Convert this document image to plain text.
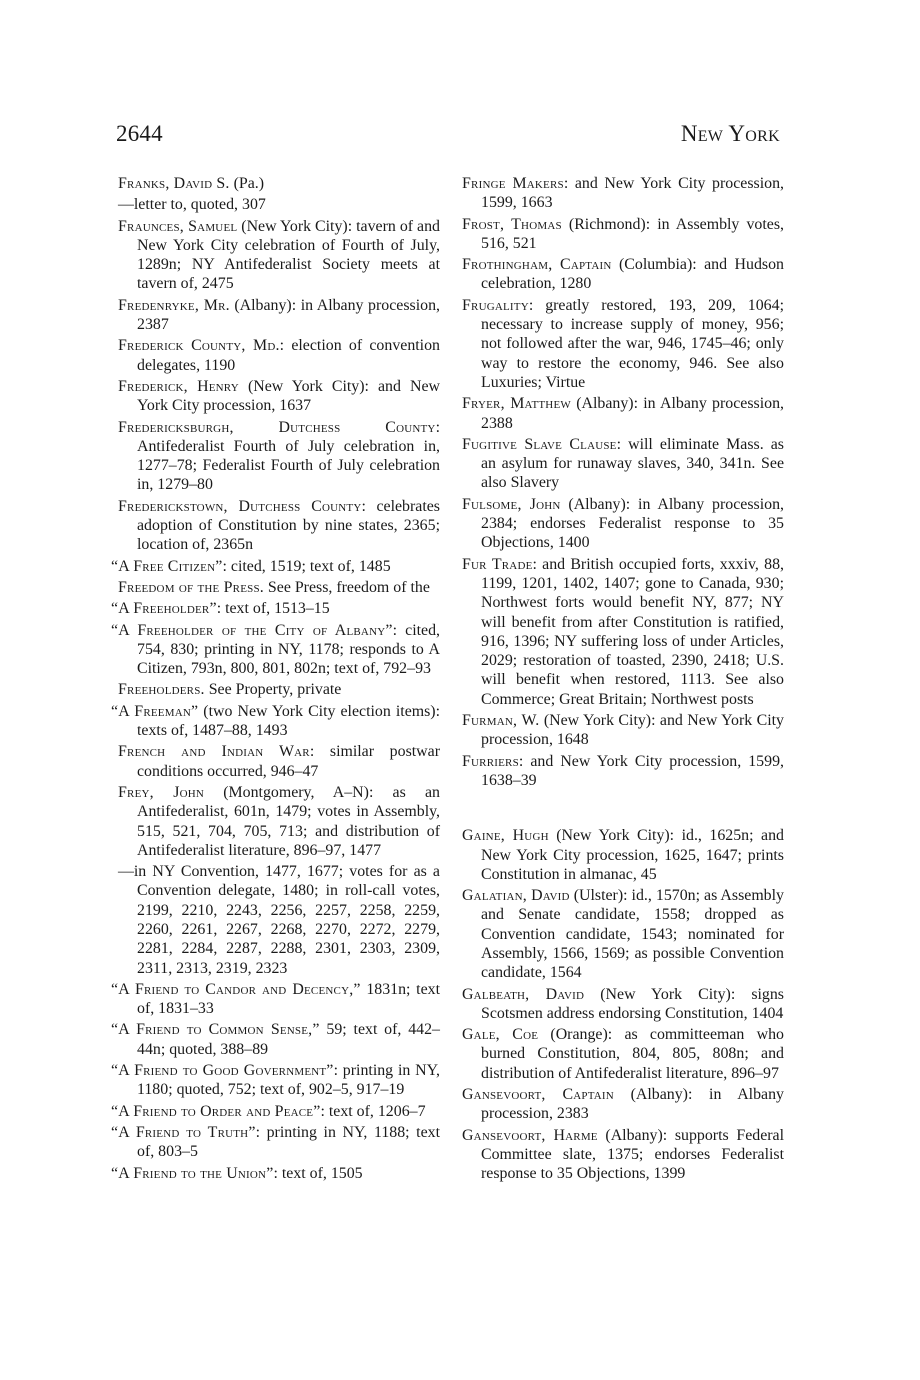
2644	New York

Franks, David S. (Pa.)

—letter to, quoted, 307

Fraunces, Samuel (New York City): tavern of and New York City celebration of Fourth of July, 1289n; NY Antifederalist Society meets at tavern of, 2475

Fredenryke, Mr. (Albany): in Albany procession, 2387

Frederick County, Md.: election of convention delegates, 1190

Frederick, Henry (New York City): and New York City procession, 1637

Fredericksburgh, Dutchess County: Antifederalist Fourth of July celebration in, 1277–78; Federalist Fourth of July celebration in, 1279–80

Frederickstown, Dutchess County: celebrates adoption of Constitution by nine states, 2365; location of, 2365n

“A Free Citizen”: cited, 1519; text of, 1485

Freedom of the Press. See Press, freedom of the

“A Freeholder”: text of, 1513–15

“A Freeholder of the City of Albany”: cited, 754, 830; printing in NY, 1178; responds to A Citizen, 793n, 800, 801, 802n; text of, 792–93

Freeholders. See Property, private

“A Freeman” (two New York City election items): texts of, 1487–88, 1493

French and Indian War: similar postwar conditions occurred, 946–47

Frey, John (Montgomery, A–N): as an Antifederalist, 601n, 1479; votes in Assembly, 515, 521, 704, 705, 713; and distribution of Antifederalist literature, 896–97, 1477

—in NY Convention, 1477, 1677; votes for as a Convention delegate, 1480; in roll-call votes, 2199, 2210, 2243, 2256, 2257, 2258, 2259, 2260, 2261, 2267, 2268, 2270, 2272, 2279, 2281, 2284, 2287, 2288, 2301, 2303, 2309, 2311, 2313, 2319, 2323

“A Friend to Candor and Decency,” 1831n; text of, 1831–33

“A Friend to Common Sense,” 59; text of, 442–44n; quoted, 388–89

“A Friend to Good Government”: printing in NY, 1180; quoted, 752; text of, 902–5, 917–19

“A Friend to Order and Peace”: text of, 1206–7

“A Friend to Truth”: printing in NY, 1188; text of, 803–5

“A Friend to the Union”: text of, 1505

Fringe Makers: and New York City procession, 1599, 1663

Frost, Thomas (Richmond): in Assembly votes, 516, 521

Frothingham, Captain (Columbia): and Hudson celebration, 1280

Frugality: greatly restored, 193, 209, 1064; necessary to increase supply of money, 956; not followed after the war, 946, 1745–46; only way to restore the economy, 946. See also Luxuries; Virtue

Fryer, Matthew (Albany): in Albany procession, 2388

Fugitive Slave Clause: will eliminate Mass. as an asylum for runaway slaves, 340, 341n. See also Slavery

Fulsome, John (Albany): in Albany procession, 2384; endorses Federalist response to 35 Objections, 1400

Fur Trade: and British occupied forts, xxxiv, 88, 1199, 1201, 1402, 1407; gone to Canada, 930; Northwest forts would benefit NY, 877; NY will benefit from after Constitution is ratified, 916, 1396; NY suffering loss of under Articles, 2029; restoration of toasted, 2390, 2418; U.S. will benefit when restored, 1113. See also Commerce; Great Britain; Northwest posts

Furman, W. (New York City): and New York City procession, 1648

Furriers: and New York City procession, 1599, 1638–39

Gaine, Hugh (New York City): id., 1625n; and New York City procession, 1625, 1647; prints Constitution in almanac, 45

Galatian, David (Ulster): id., 1570n; as Assembly and Senate candidate, 1558; dropped as Convention candidate, 1543; nominated for Assembly, 1566, 1569; as possible Convention candidate, 1564

Galbeath, David (New York City): signs Scotsmen address endorsing Constitution, 1404

Gale, Coe (Orange): as committeeman who burned Constitution, 804, 805, 808n; and distribution of Antifederalist literature, 896–97

Gansevoort, Captain (Albany): in Albany procession, 2383

Gansevoort, Harme (Albany): supports Federal Committee slate, 1375; endorses Federalist response to 35 Objections, 1399
